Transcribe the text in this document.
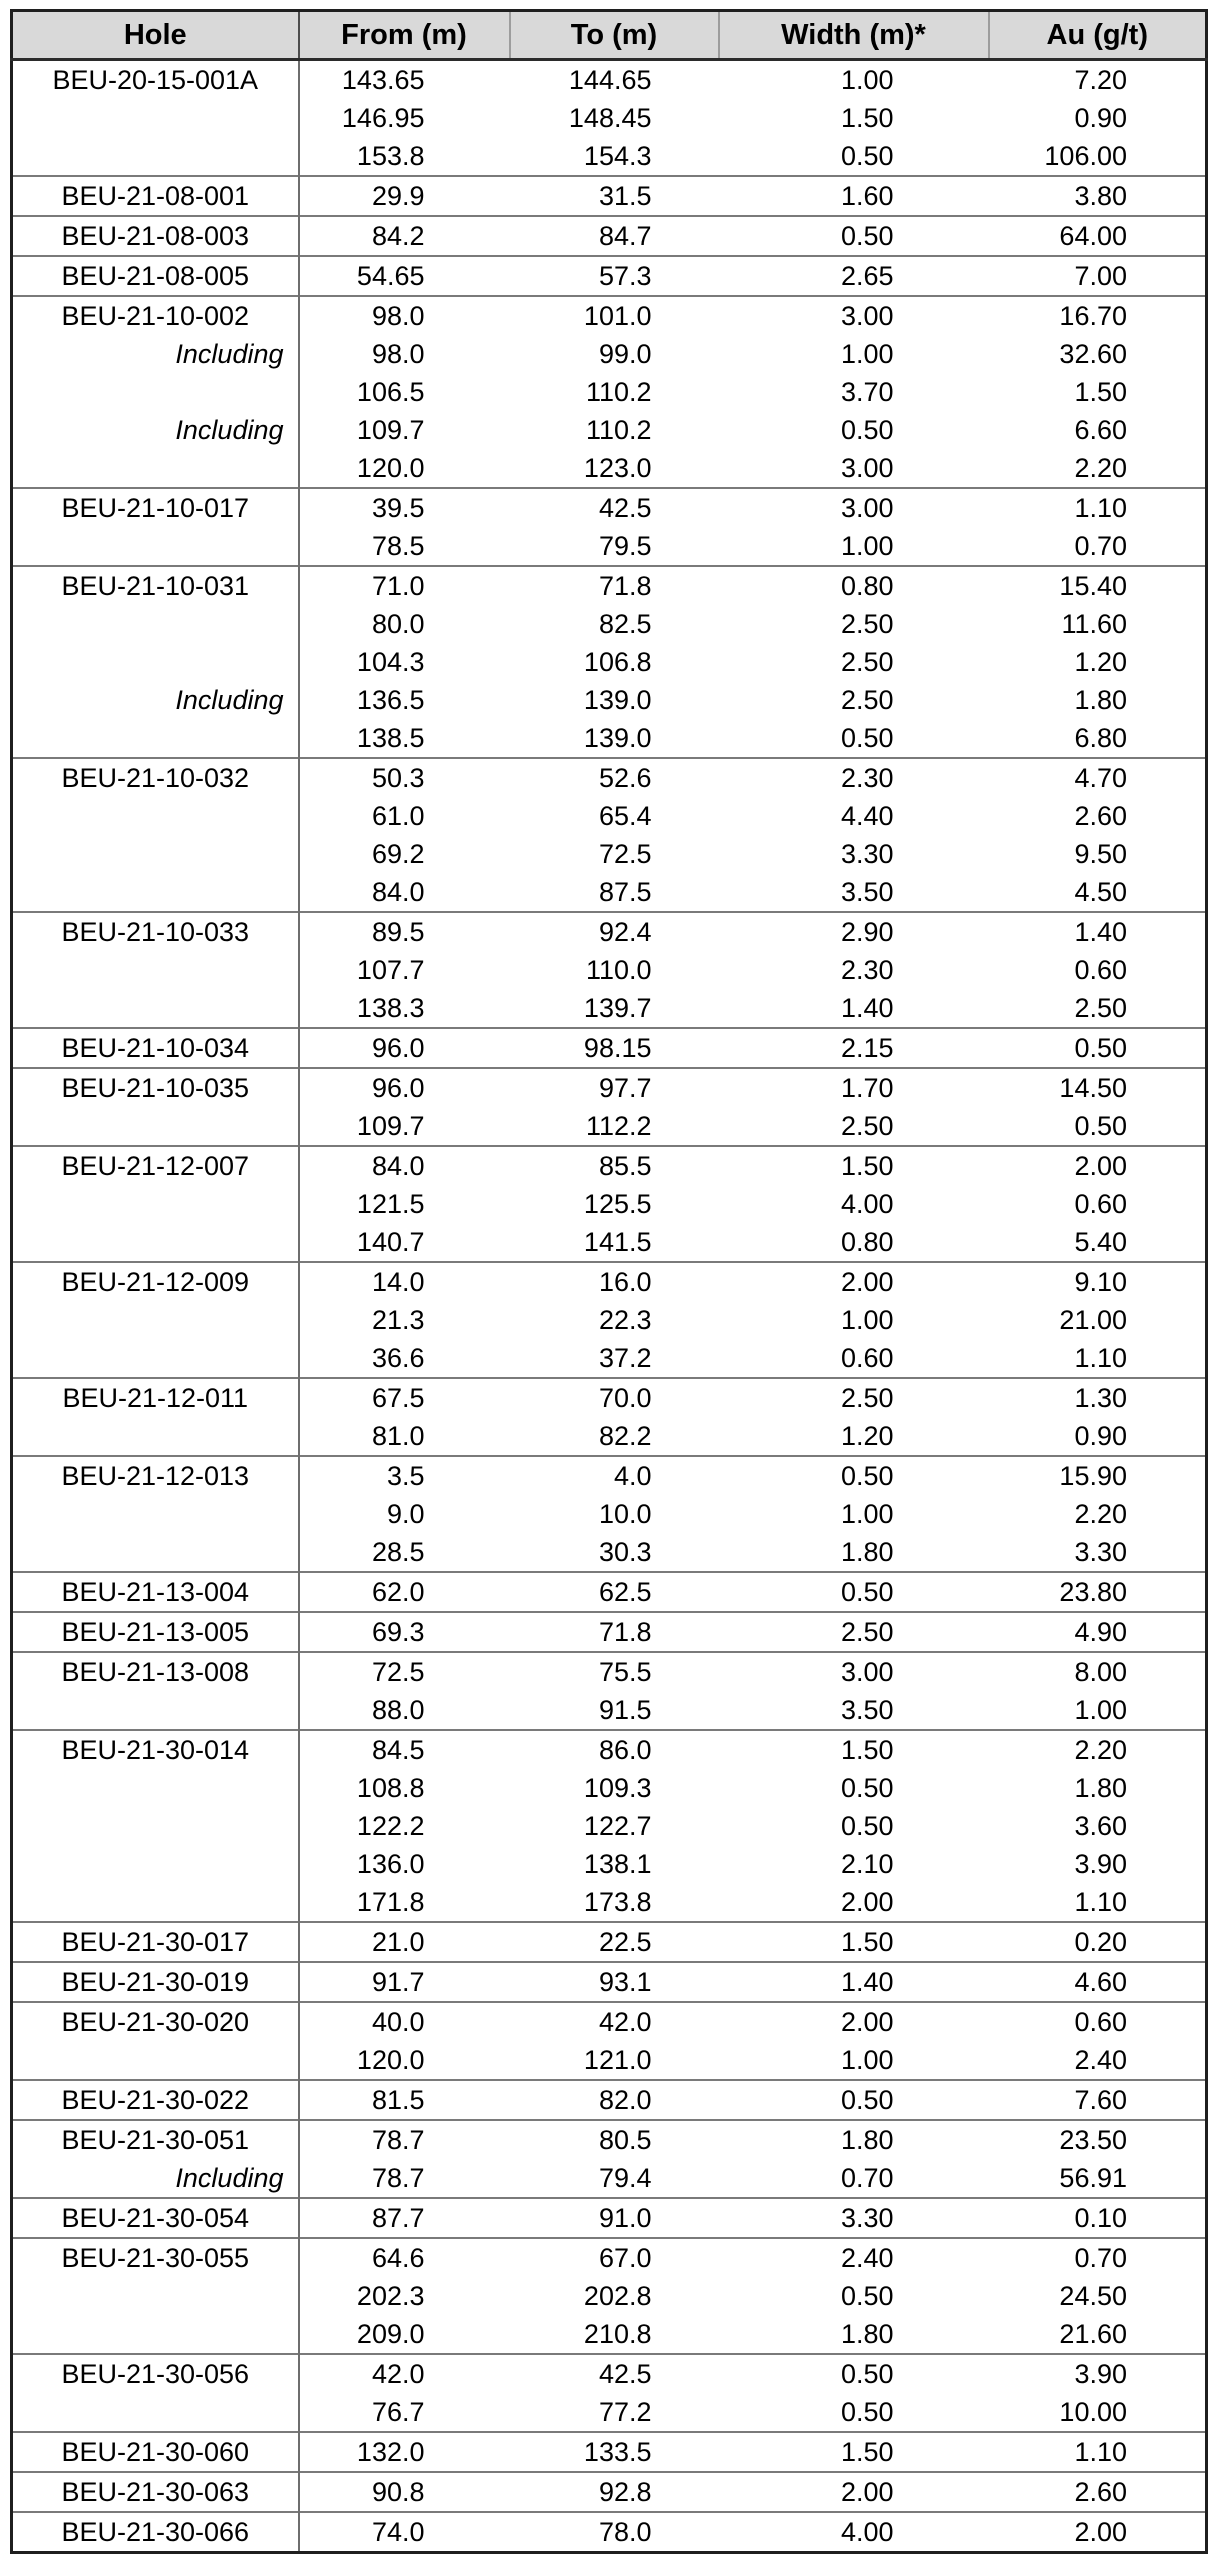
Hole	From (m)	To (m)	Width (m)*	Au (g/t)
BEU-20-15-001A	143.65	144.65	1.00	7.20
	146.95	148.45	1.50	0.90
	153.8	154.3	0.50	106.00
BEU-21-08-001	29.9	31.5	1.60	3.80
BEU-21-08-003	84.2	84.7	0.50	64.00
BEU-21-08-005	54.65	57.3	2.65	7.00
BEU-21-10-002	98.0	101.0	3.00	16.70
Including	98.0	99.0	1.00	32.60
	106.5	110.2	3.70	1.50
Including	109.7	110.2	0.50	6.60
	120.0	123.0	3.00	2.20
BEU-21-10-017	39.5	42.5	3.00	1.10
	78.5	79.5	1.00	0.70
BEU-21-10-031	71.0	71.8	0.80	15.40
	80.0	82.5	2.50	11.60
	104.3	106.8	2.50	1.20
Including	136.5	139.0	2.50	1.80
	138.5	139.0	0.50	6.80
BEU-21-10-032	50.3	52.6	2.30	4.70
	61.0	65.4	4.40	2.60
	69.2	72.5	3.30	9.50
	84.0	87.5	3.50	4.50
BEU-21-10-033	89.5	92.4	2.90	1.40
	107.7	110.0	2.30	0.60
	138.3	139.7	1.40	2.50
BEU-21-10-034	96.0	98.15	2.15	0.50
BEU-21-10-035	96.0	97.7	1.70	14.50
	109.7	112.2	2.50	0.50
BEU-21-12-007	84.0	85.5	1.50	2.00
	121.5	125.5	4.00	0.60
	140.7	141.5	0.80	5.40
BEU-21-12-009	14.0	16.0	2.00	9.10
	21.3	22.3	1.00	21.00
	36.6	37.2	0.60	1.10
BEU-21-12-011	67.5	70.0	2.50	1.30
	81.0	82.2	1.20	0.90
BEU-21-12-013	3.5	4.0	0.50	15.90
	9.0	10.0	1.00	2.20
	28.5	30.3	1.80	3.30
BEU-21-13-004	62.0	62.5	0.50	23.80
BEU-21-13-005	69.3	71.8	2.50	4.90
BEU-21-13-008	72.5	75.5	3.00	8.00
	88.0	91.5	3.50	1.00
BEU-21-30-014	84.5	86.0	1.50	2.20
	108.8	109.3	0.50	1.80
	122.2	122.7	0.50	3.60
	136.0	138.1	2.10	3.90
	171.8	173.8	2.00	1.10
BEU-21-30-017	21.0	22.5	1.50	0.20
BEU-21-30-019	91.7	93.1	1.40	4.60
BEU-21-30-020	40.0	42.0	2.00	0.60
	120.0	121.0	1.00	2.40
BEU-21-30-022	81.5	82.0	0.50	7.60
BEU-21-30-051	78.7	80.5	1.80	23.50
Including	78.7	79.4	0.70	56.91
BEU-21-30-054	87.7	91.0	3.30	0.10
BEU-21-30-055	64.6	67.0	2.40	0.70
	202.3	202.8	0.50	24.50
	209.0	210.8	1.80	21.60
BEU-21-30-056	42.0	42.5	0.50	3.90
	76.7	77.2	0.50	10.00
BEU-21-30-060	132.0	133.5	1.50	1.10
BEU-21-30-063	90.8	92.8	2.00	2.60
BEU-21-30-066	74.0	78.0	4.00	2.00
